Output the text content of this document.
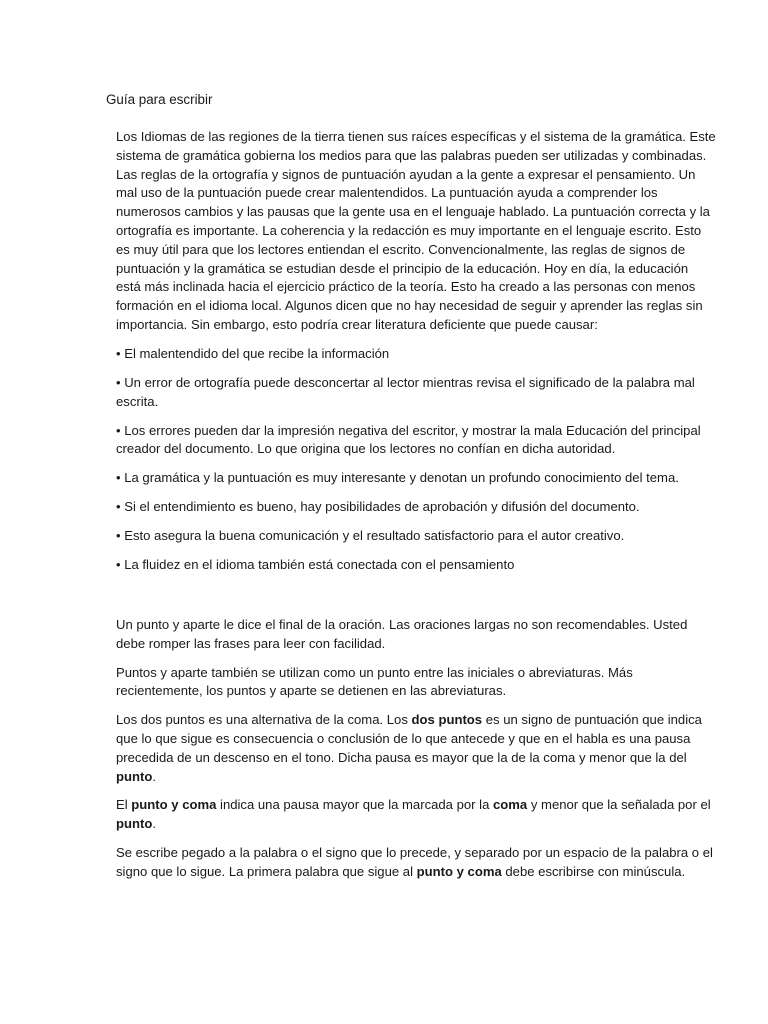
Guía para escribir

Los Idiomas de las regiones de la tierra tienen sus raíces específicas y el sistema de la gramática. Este sistema de gramática gobierna los medios para que las palabras pueden ser utilizadas y combinadas. Las reglas de la ortografía y signos de puntuación ayudan a la gente a expresar el pensamiento. Un mal uso de la puntuación puede crear malentendidos. La puntuación ayuda a comprender los numerosos cambios y las pausas que la gente usa en el lenguaje hablado. La puntuación correcta y la ortografía es importante. La coherencia y la redacción es muy importante en el lenguaje escrito. Esto es muy útil para que los lectores entiendan el escrito. Convencionalmente, las reglas de signos de puntuación y la gramática se estudian desde el principio de la educación. Hoy en día, la educación está más inclinada hacia el ejercicio práctico de la teoría. Esto ha creado a las personas con menos formación en el idioma local. Algunos dicen que no hay necesidad de seguir y aprender las reglas sin importancia. Sin embargo, esto podría crear literatura deficiente que puede causar:

• El malentendido del que recibe la información

• Un error de ortografía puede desconcertar al lector mientras revisa el significado de la palabra mal escrita.

• Los errores pueden dar la impresión negativa del escritor, y mostrar la mala Educación del principal creador del documento. Lo que origina que los lectores no confían en dicha autoridad.

• La gramática y la puntuación es muy interesante y denotan un profundo conocimiento del tema.

• Si el entendimiento es bueno, hay posibilidades de aprobación y difusión del documento.

• Esto asegura la buena comunicación y el resultado satisfactorio para el autor creativo.

• La fluidez en el idioma también está conectada con el pensamiento

Un punto y aparte le dice el final de la oración. Las oraciones largas no son recomendables. Usted debe romper las frases para leer con facilidad.

Puntos y aparte también se utilizan como un punto entre las iniciales o abreviaturas. Más recientemente, los puntos y aparte se detienen en las abreviaturas.

Los dos puntos es una alternativa de la coma. Los dos puntos es un signo de puntuación que indica que lo que sigue es consecuencia o conclusión de lo que antecede y que en el habla es una pausa precedida de un descenso en el tono. Dicha pausa es mayor que la de la coma y menor que la del punto.

El punto y coma indica una pausa mayor que la marcada por la coma y menor que la señalada por el punto.

Se escribe pegado a la palabra o el signo que lo precede, y separado por un espacio de la palabra o el signo que lo sigue. La primera palabra que sigue al punto y coma debe escribirse con minúscula.
